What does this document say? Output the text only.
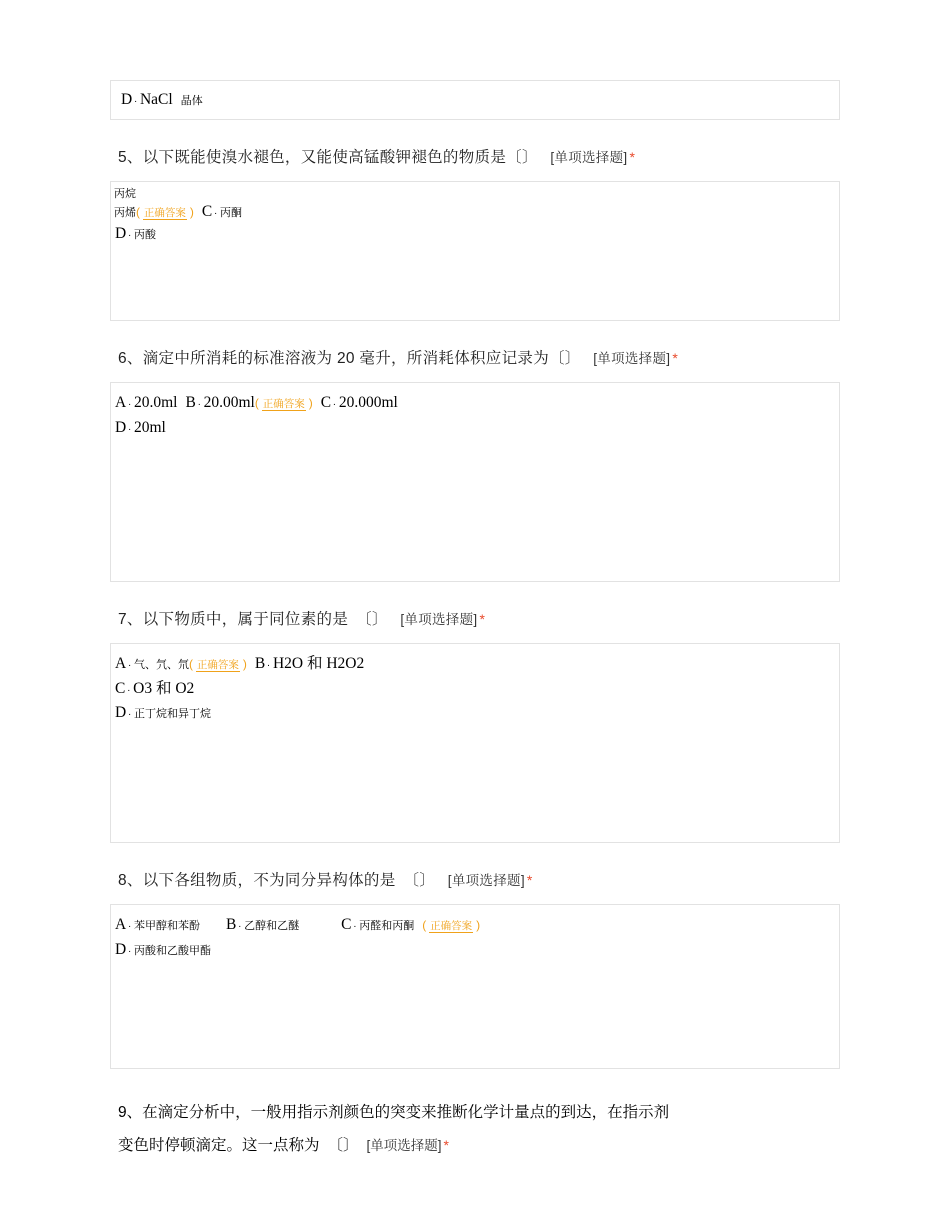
D . NaCl 晶体
5、以下既能使溴水褪色，又能使高锰酸钾褪色的物质是〔〕 [单项选择题] *
丙烷
丙烯( 正确答案 ) C . 丙酮
D . 丙酸
6、滴定中所消耗的标准溶液为 20 毫升，所消耗体积应记录为〔〕 [单项选择题] *
A . 20.0ml B . 20.00ml( 正确答案 ) C . 20.000ml
D . 20ml
7、以下物质中，属于同位素的是 〔〕 [单项选择题] *
A . 气、氕、氘( 正确答案 ) B . H2O 和 H2O2
C . O3 和 O2
D . 正丁烷和异丁烷
8、以下各组物质，不为同分异构体的是 〔〕 [单项选择题] *
A . 苯甲醇和苯酚 B . 乙醇和乙醚	C . 丙醛和丙酮 ( 正确答案 )
D . 丙酸和乙酸甲酯
9、在滴定分析中，一般用指示剂颜色的突变来推断化学计量点的到达，在指示剂
变色时停顿滴定。这一点称为 〔〕 [单项选择题] *
